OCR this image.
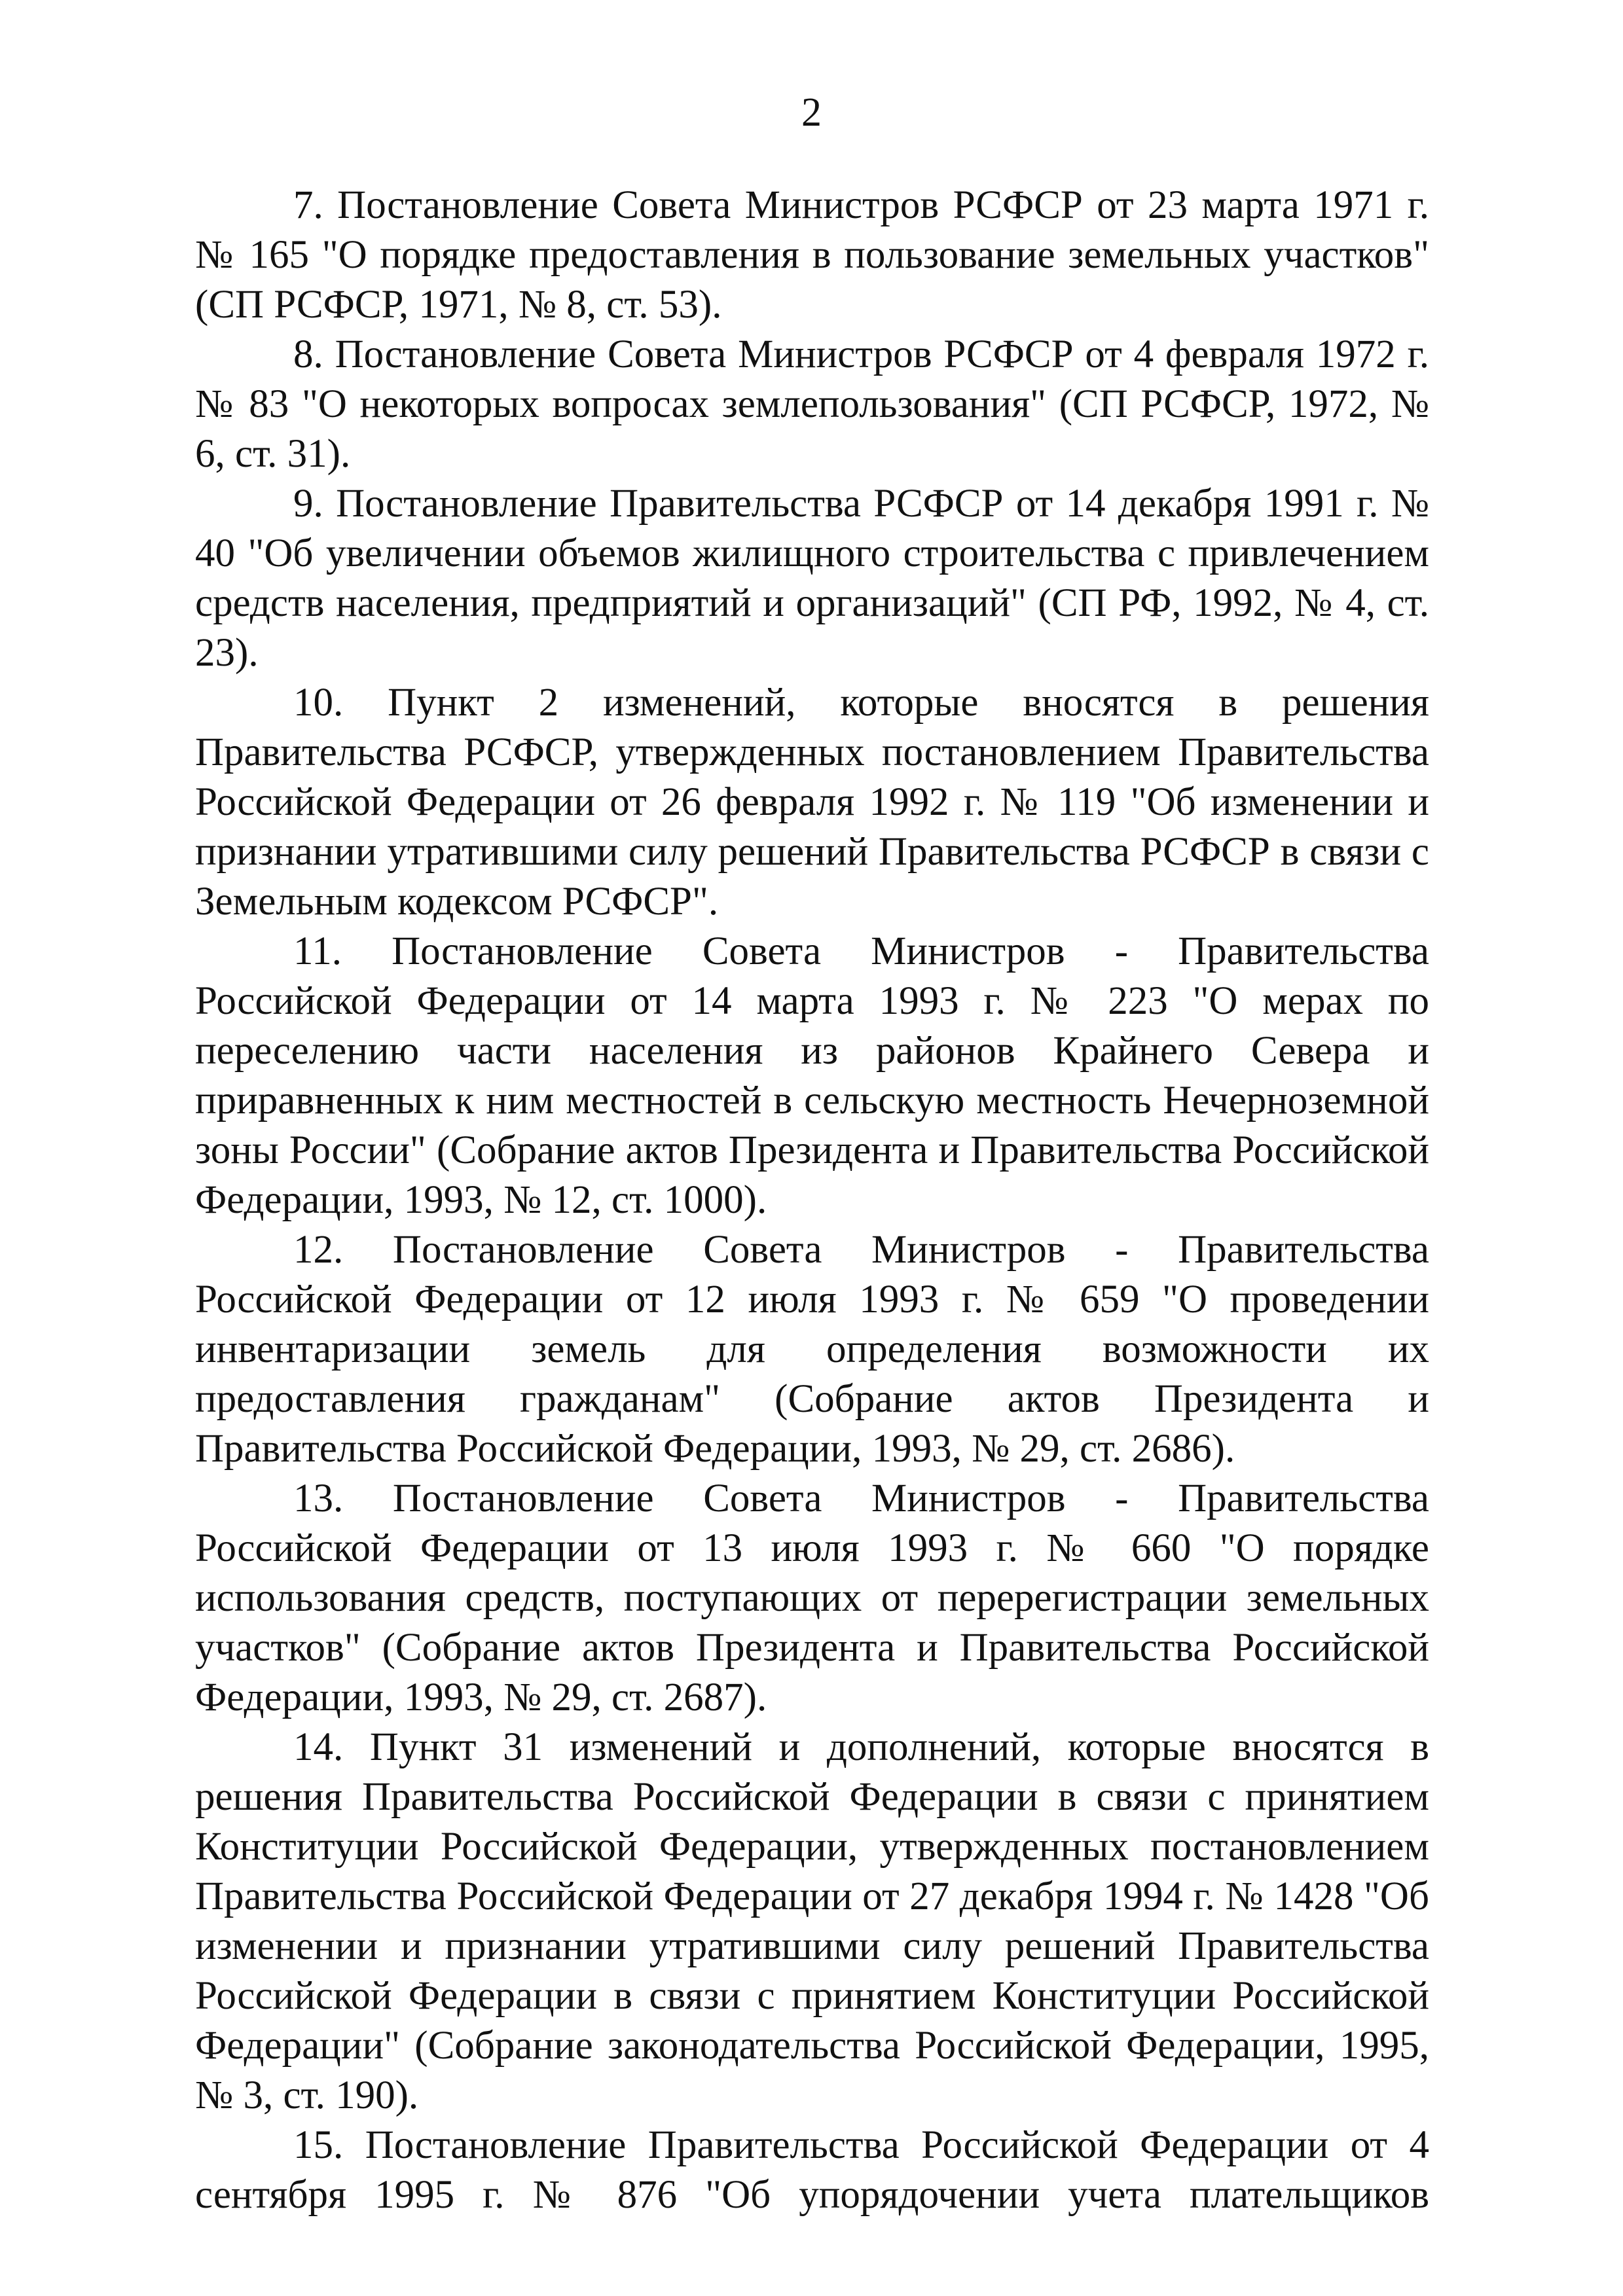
2

7. Постановление Совета Министров РСФСР от 23 марта 1971 г. № 165 "О порядке предоставления в пользование земельных участков" (СП РСФСР, 1971, № 8, ст. 53).

8. Постановление Совета Министров РСФСР от 4 февраля 1972 г. № 83 "О некоторых вопросах землепользования" (СП РСФСР, 1972, № 6, ст. 31).

9. Постановление Правительства РСФСР от 14 декабря 1991 г. № 40 "Об увеличении объемов жилищного строительства с привлечением средств населения, предприятий и организаций" (СП РФ, 1992, № 4, ст. 23).

10. Пункт 2 изменений, которые вносятся в решения Правительства РСФСР, утвержденных постановлением Правительства Российской Федерации от 26 февраля 1992 г. № 119 "Об изменении и признании утратившими силу решений Правительства РСФСР в связи с Земельным кодексом РСФСР".

11. Постановление Совета Министров - Правительства Российской Федерации от 14 марта 1993 г. № 223 "О мерах по переселению части населения из районов Крайнего Севера и приравненных к ним местностей в сельскую местность Нечерноземной зоны России" (Собрание актов Президента и Правительства Российской Федерации, 1993, № 12, ст. 1000).

12. Постановление Совета Министров - Правительства Российской Федерации от 12 июля 1993 г. № 659 "О проведении инвентаризации земель для определения возможности их предоставления гражданам" (Собрание актов Президента и Правительства Российской Федерации, 1993, № 29, ст. 2686).

13. Постановление Совета Министров - Правительства Российской Федерации от 13 июля 1993 г. № 660 "О порядке использования средств, поступающих от перерегистрации земельных участков" (Собрание актов Президента и Правительства Российской Федерации, 1993, № 29, ст. 2687).

14. Пункт 31 изменений и дополнений, которые вносятся в решения Правительства Российской Федерации в связи с принятием Конституции Российской Федерации, утвержденных постановлением Правительства Российской Федерации от 27 декабря 1994 г. № 1428 "Об изменении и признании утратившими силу решений Правительства Российской Федерации в связи с принятием Конституции Российской Федерации" (Собрание законодательства Российской Федерации, 1995, № 3, ст. 190).

15. Постановление Правительства Российской Федерации от 4 сентября 1995 г. № 876 "Об упорядочении учета плательщиков
